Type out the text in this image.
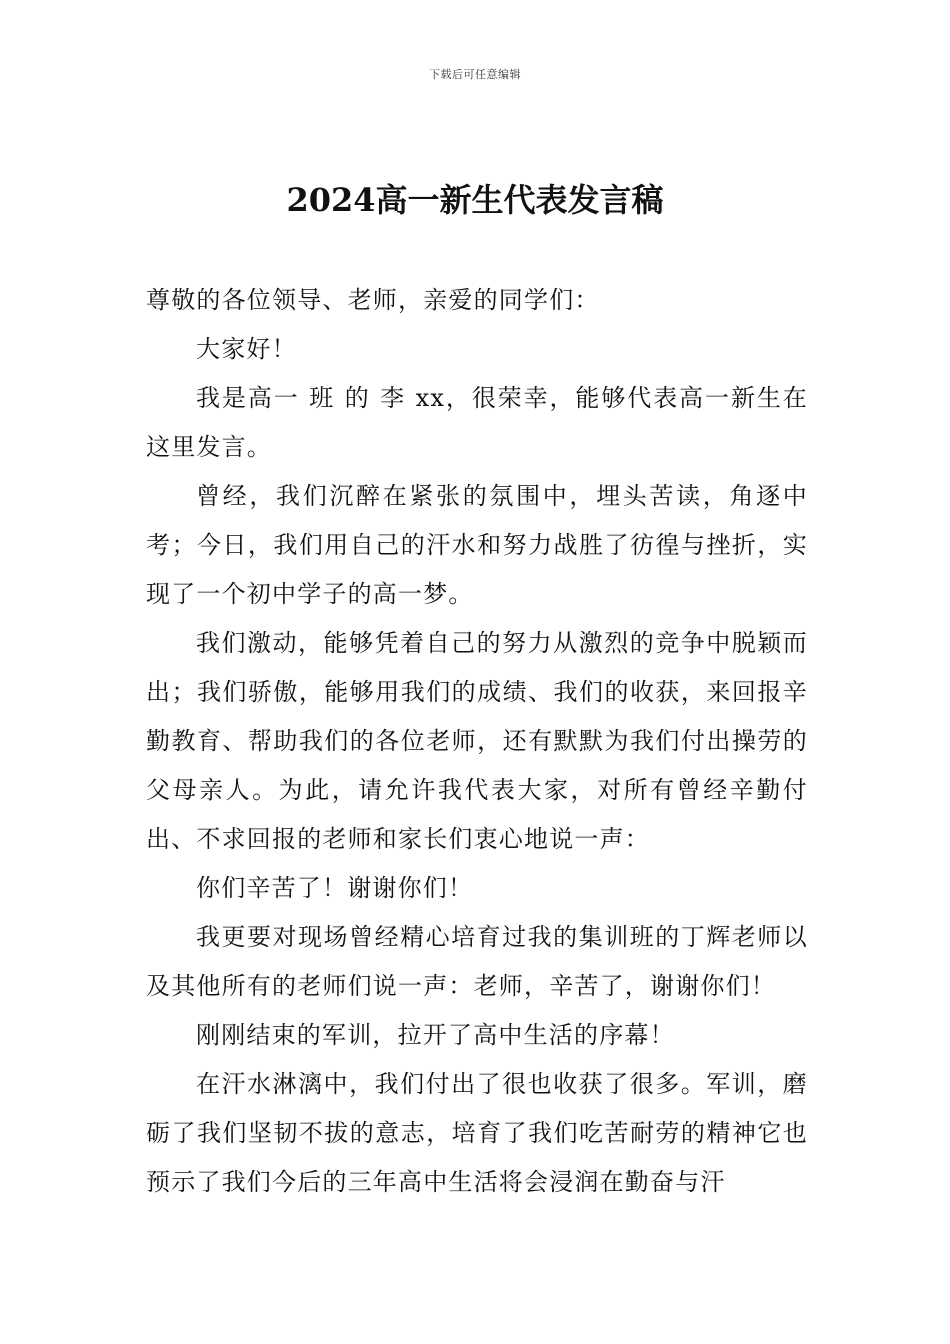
下载后可任意编辑
2024高一新生代表发言稿

尊敬的各位领导、老师，亲爱的同学们：

大家好！

我是高一 班 的 李 xx，很荣幸，能够代表高一新生在这里发言。

曾经，我们沉醉在紧张的氛围中，埋头苦读，角逐中考；今日，我们用自己的汗水和努力战胜了彷徨与挫折，实现了一个初中学子的高一梦。

我们激动，能够凭着自己的努力从激烈的竞争中脱颖而出；我们骄傲，能够用我们的成绩、我们的收获，来回报辛勤教育、帮助我们的各位老师，还有默默为我们付出操劳的父母亲人。为此，请允许我代表大家，对所有曾经辛勤付出、不求回报的老师和家长们衷心地说一声：

你们辛苦了！谢谢你们！

我更要对现场曾经精心培育过我的集训班的丁辉老师以及其他所有的老师们说一声：老师，辛苦了，谢谢你们！

刚刚结束的军训，拉开了高中生活的序幕！

在汗水淋漓中，我们付出了很也收获了很多。军训，磨砺了我们坚韧不拔的意志，培育了我们吃苦耐劳的精神它也预示了我们今后的三年高中生活将会浸润在勤奋与汗
